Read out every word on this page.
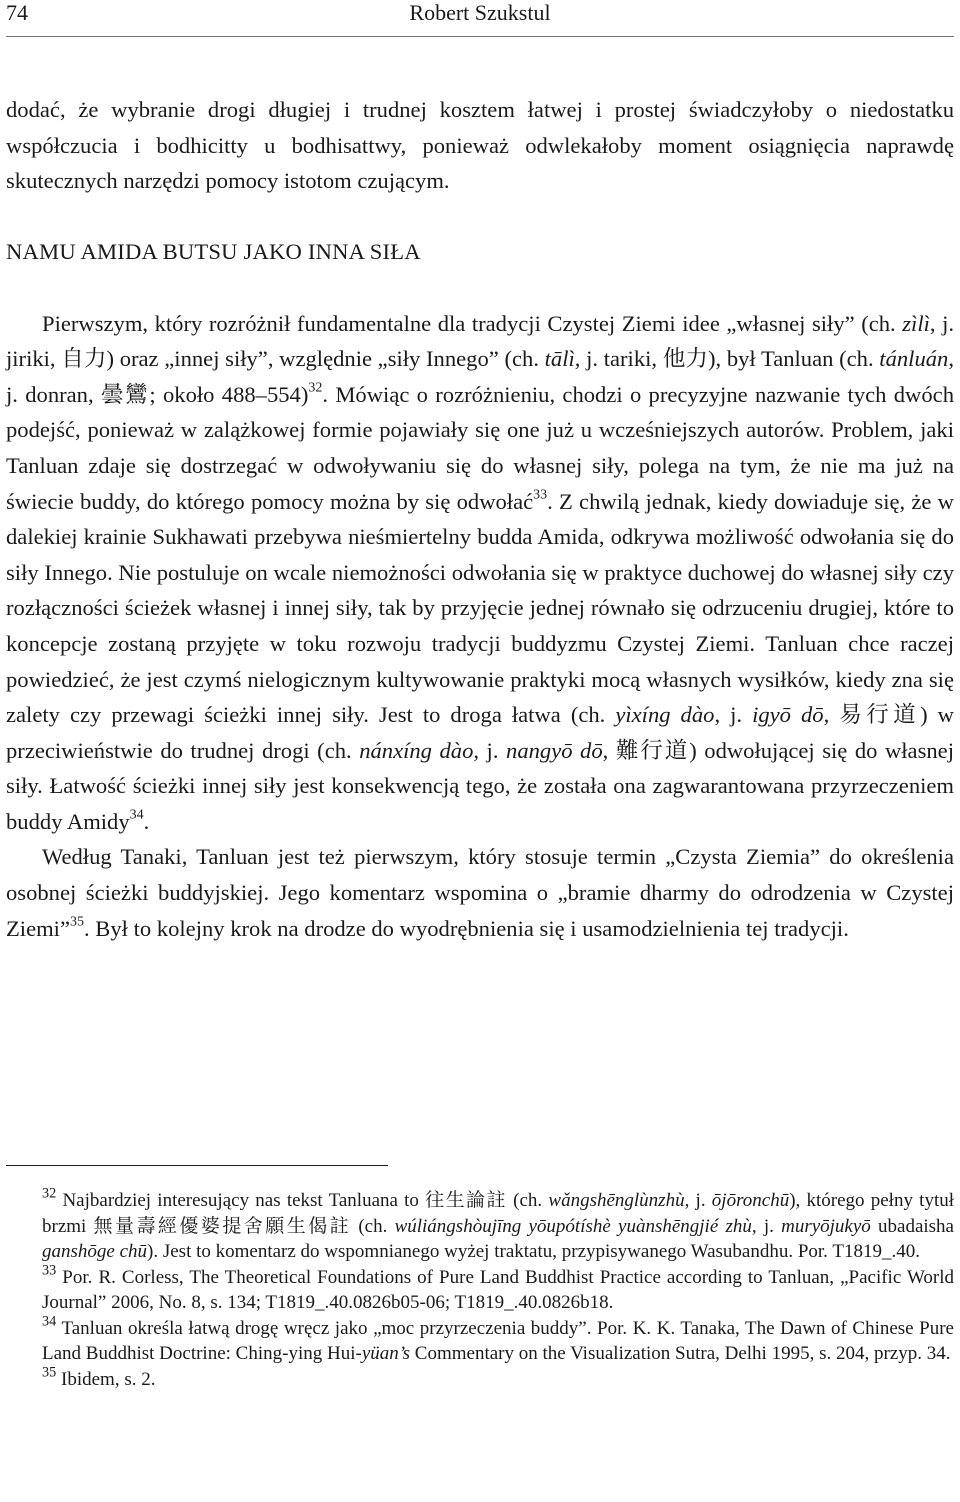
74	Robert Szukstul

dodać, że wybranie drogi długiej i trudnej kosztem łatwej i prostej świadczyłoby o niedostatku współczucia i bodhicitty u bodhisattwy, ponieważ odwlekałoby moment osiągnięcia naprawdę skutecznych narzędzi pomocy istotom czującym.

NAMU AMIDA BUTSU JAKO INNA SIŁA

Pierwszym, który rozróżnił fundamentalne dla tradycji Czystej Ziemi idee „własnej siły” (ch. zìlì, j. jiriki, 自力) oraz „innej siły”, względnie „siły Innego” (ch. tālì, j. tariki, 他力), był Tanluan (ch. tánluán, j. donran, 曇鸞; około 488–554)$^{32}$. Mówiąc o rozróżnieniu, chodzi o precyzyjne nazwanie tych dwóch podejść, ponieważ w zalążkowej formie pojawiały się one już u wcześniejszych autorów. Problem, jaki Tanluan zdaje się dostrzegać w odwoływaniu się do własnej siły, polega na tym, że nie ma już na świecie buddy, do którego pomocy można by się odwołać$^{33}$. Z chwilą jednak, kiedy dowiaduje się, że w dalekiej krainie Sukhawati przebywa nieśmiertelny budda Amida, odkrywa możliwość odwołania się do siły Innego. Nie postuluje on wcale niemożności odwołania się w praktyce duchowej do własnej siły czy rozłączności ścieżek własnej i innej siły, tak by przyjęcie jednej równało się odrzuceniu drugiej, które to koncepcje zostaną przyjęte w toku rozwoju tradycji buddyzmu Czystej Ziemi. Tanluan chce raczej powiedzieć, że jest czymś nielogicznym kultywowanie praktyki mocą własnych wysiłków, kiedy zna się zalety czy przewagi ścieżki innej siły. Jest to droga łatwa (ch. yìxíng dào, j. igyō dō, 易行道) w przeciwieństwie do trudnej drogi (ch. nánxíng dào, j. nangyō dō, 難行道) odwołującej się do własnej siły. Łatwość ścieżki innej siły jest konsekwencją tego, że została ona zagwarantowana przyrzeczeniem buddy Amidy$^{34}$.

Według Tanaki, Tanluan jest też pierwszym, który stosuje termin „Czysta Ziemia” do określenia osobnej ścieżki buddyjskiej. Jego komentarz wspomina o „bramie dharmy do odrodzenia w Czystej Ziemi”$^{35}$. Był to kolejny krok na drodze do wyodrębnienia się i usamodzielnienia tej tradycji.

$^{32}$ Najbardziej interesujący nas tekst Tanluana to 往生論註 (ch. wǎngshēnglùnzhù, j. ōjōronchū), którego pełny tytuł brzmi 無量壽經優婆提舍願生偈註 (ch. wúliángshòujīng yōupótíshè yuànshēngjié zhù, j. muryōjukyō ubadaisha ganshōge chū). Jest to komentarz do wspomnianego wyżej traktatu, przypisywanego Wasubandhu. Por. T1819_.40.

$^{33}$ Por. R. Corless, The Theoretical Foundations of Pure Land Buddhist Practice according to Tanluan, „Pacific World Journal” 2006, No. 8, s. 134; T1819_.40.0826b05-06; T1819_.40.0826b18.

$^{34}$ Tanluan określa łatwą drogę wręcz jako „moc przyrzeczenia buddy”. Por. K. K. Tanaka, The Dawn of Chinese Pure Land Buddhist Doctrine: Ching-ying Hui-yüan’s Commentary on the Visualization Sutra, Delhi 1995, s. 204, przyp. 34.

$^{35}$ Ibidem, s. 2.
